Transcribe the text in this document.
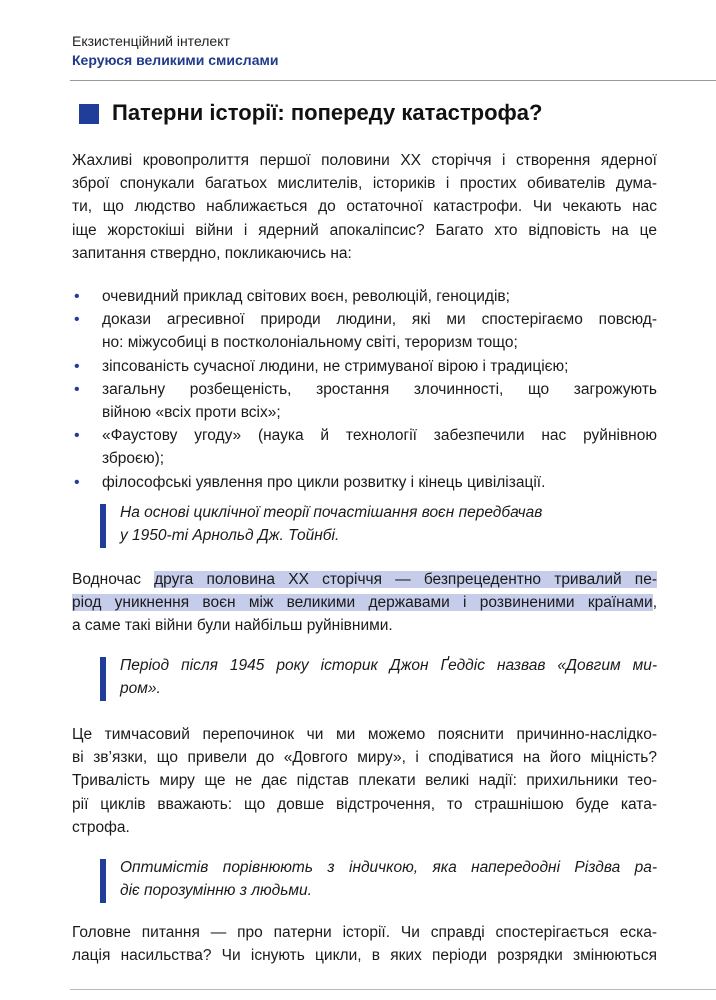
Екзистенційний інтелект
Керуюся великими смислами
Патерни історії: попереду катастрофа?
Жахливі кровопролиття першої половини XX сторіччя і створення ядерної
зброї спонукали багатьох мислителів, істориків і простих обивателів дума-
ти, що людство наближається до остаточної катастрофи. Чи чекають нас
іще жорстокіші війни і ядерний апокаліпсис? Багато хто відповість на це
запитання ствердно, покликаючись на:
• очевидний приклад світових воєн, революцій, геноцидів;
• докази агресивної природи людини, які ми спостерігаємо повсюд-
но: міжусобиці в постколоніальному світі, тероризм тощо;
• зіпсованість сучасної людини, не стримуваної вірою і традицією;
• загальну розбещеність, зростання злочинності, що загрожують
війною «всіх проти всіх»;
• «Фаустову угоду» (наука й технології забезпечили нас руйнівною
зброєю);
• філософські уявлення про цикли розвитку і кінець цивілізації.
На основі циклічної теорії почастішання воєн передбачав
у 1950-ті Арнольд Дж. Тойнбі.
Водночас друга половина XX сторіччя — безпрецедентно тривалий пе-
ріод уникнення воєн між великими державами і розвиненими країнами,
а саме такі війни були найбільш руйнівними.
Період після 1945 року історик Джон Ґеддіс назвав «Довгим ми-
ром».
Це тимчасовий перепочинок чи ми можемо пояснити причинно-наслідко-
ві зв’язки, що привели до «Довгого миру», і сподіватися на його міцність?
Тривалість миру ще не дає підстав плекати великі надії: прихильники тео-
рії циклів вважають: що довше відстрочення, то страшнішою буде ката-
строфа.
Оптимістів порівнюють з індичкою, яка напередодні Різдва ра-
діє порозумінню з людьми.
Головне питання — про патерни історії. Чи справді спостерігається еска-
лація насильства? Чи існують цикли, в яких періоди розрядки змінюються
